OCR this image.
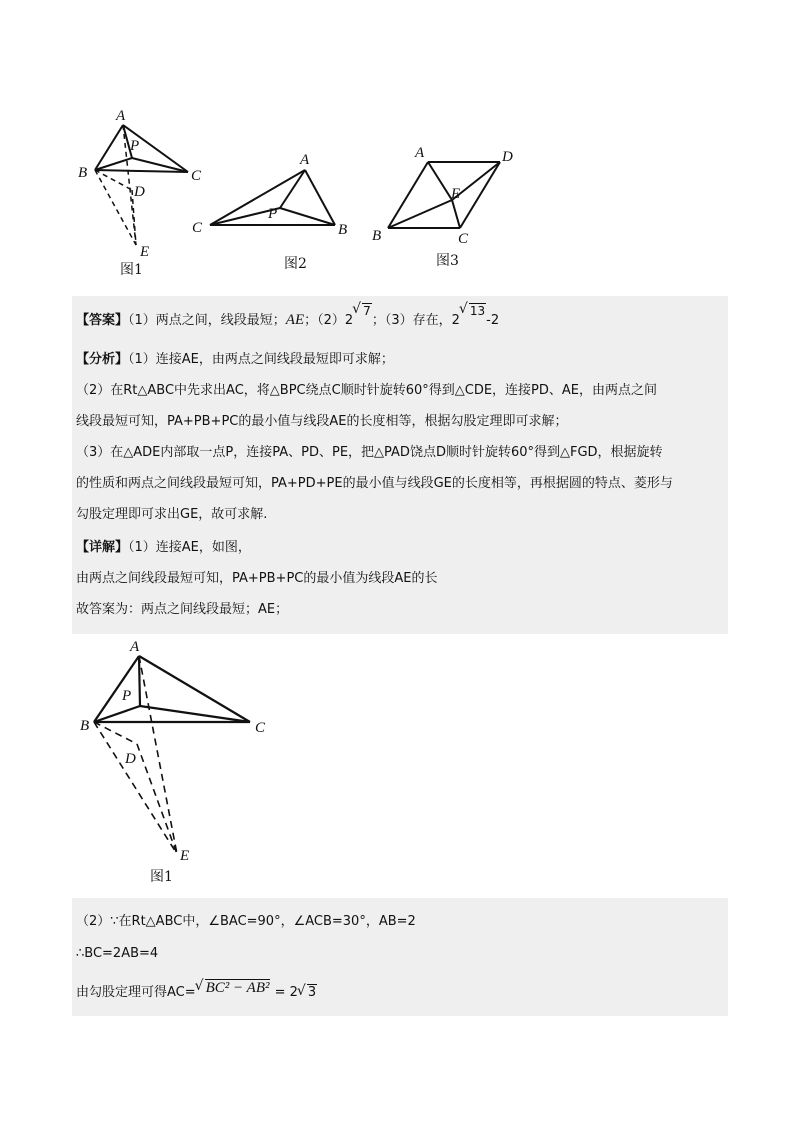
A
B	C
P
D
E
图1
A
C	B
P
图2
A	D
E
B	C
图3
【答案】（1）两点之间，线段最短；AE；（2）2√ 7；（3）存在，2√ 13-2
【分析】（1）连接AE，由两点之间线段最短即可求解；
（2）在Rt△ABC中先求出AC，将△BPC绕点C顺时针旋转60°得到△CDE，连接PD、AE，由两点之间
线段最短可知，PA+PB+PC的最小值与线段AE的长度相等，根据勾股定理即可求解；
（3）在△ADE内部取一点P，连接PA、PD、PE，把△PAD饶点D顺时针旋转60°得到△FGD，根据旋转
的性质和两点之间线段最短可知，PA+PD+PE的最小值与线段GE的长度相等，再根据圆的特点、菱形与
勾股定理即可求出GE，故可求解.
【详解】（1）连接AE，如图，
由两点之间线段最短可知，PA+PB+PC的最小值为线段AE的长
故答案为：两点之间线段最短；AE；
A
B	C
P
D
E
图1
（2）∵在Rt△ABC中，∠BAC=90°，∠ACB=30°，AB=2
∴BC=2AB=4
由勾股定理可得AC= √ BC² − AB² = 2 √ 3
